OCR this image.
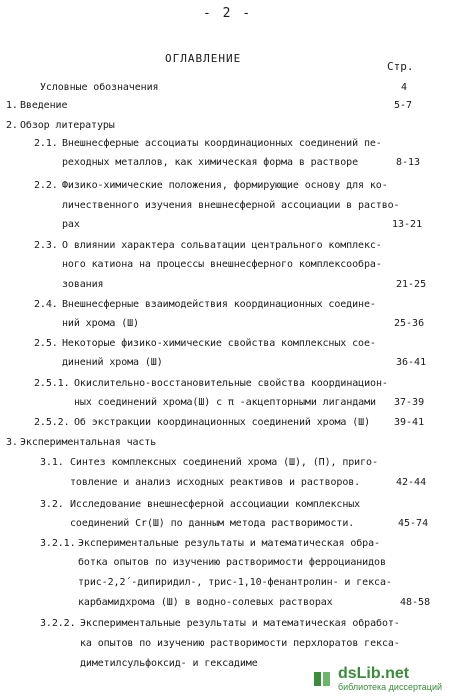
- 2 -
ОГЛАВЛЕНИЕ
Стр.
Условные обозначения	4
1. Введение	5-7
2. Обзор литературы
2.1. Внешнесферные ассоциаты координационных соединений пе-
реходных металлов, как химическая форма в растворе	8-13
2.2. Физико-химические положения, формирующие основу для ко-
личественного изучения внешнесферной ассоциации в раство-
рах	13-21
2.3. О влиянии характера сольватации центрального комплекс-
ного катиона на процессы внешнесферного комплексообра-
зования	21-25
2.4. Внешнесферные взаимодействия координационных соедине-
ний хрома (Ш)	25-36
2.5. Некоторые физико-химические свойства комплексных сое-
динений хрома (Ш)	36-41
2.5.1. Окислительно-восстановительные свойства координацион-
ных соединений хрома(Ш) с π -акцепторными лигандами 37-39
2.5.2. Об экстракции координационных соединений хрома (Ш) 39-41
3. Экспериментальная часть
3.1. Синтез комплексных соединений хрома (Ш), (П), приго-
товление и анализ исходных реактивов и растворов.	42-44
3.2. Исследование внешнесферной ассоциации комплексных
соединений Cr(Ш) по данным метода растворимости.	45-74
3.2.1. Экспериментальные результаты и математическая обра-
ботка опытов по изучению растворимости ферроцианидов
трис-2,2´-дипиридил-, трис-1,10-фенантролин- и гекса-
карбамидхрома (Ш) в водно-солевых растворах	48-58
3.2.2. Экспериментальные результаты и математическая обработ-
ка опытов по изучению растворимости перхлоратов гекса-
диметилсульфоксид- и гексадиме
dsLib.net
библиотека диссертаций
